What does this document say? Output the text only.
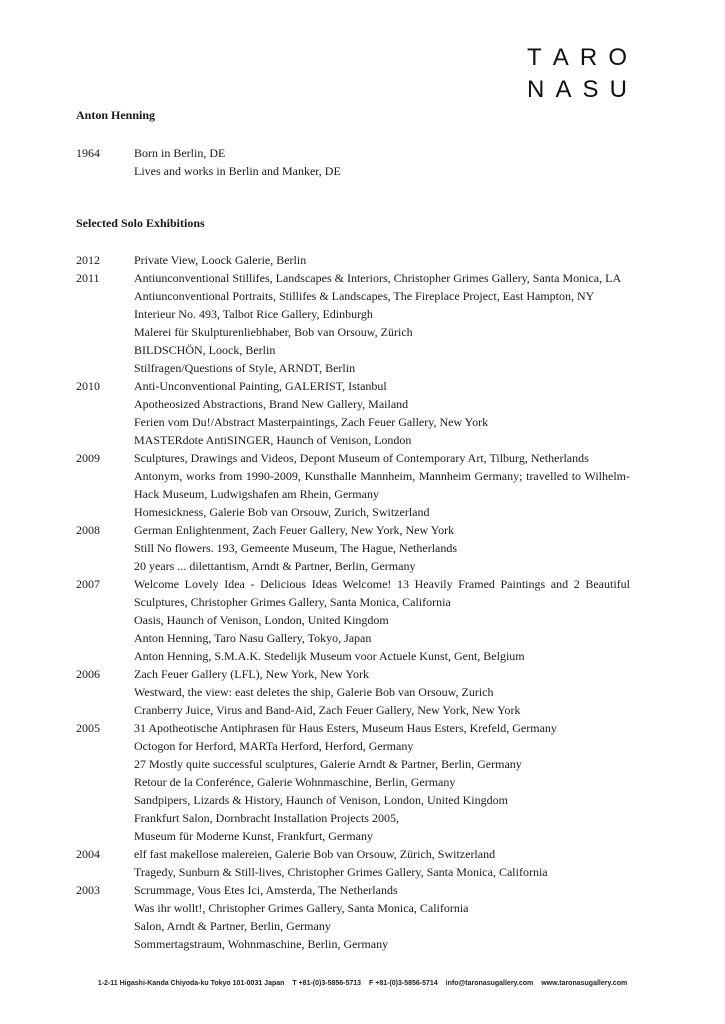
T A R O
N A S U
Anton Henning
1964	Born in Berlin, DE
Lives and works in Berlin and Manker, DE
Selected Solo Exhibitions
2012	Private View, Loock Galerie, Berlin
2011	Antiunconventional Stillifes, Landscapes & Interiors, Christopher Grimes Gallery, Santa Monica, LA
Antiunconventional Portraits, Stillifes & Landscapes, The Fireplace Project, East Hampton, NY
Interieur No. 493, Talbot Rice Gallery, Edinburgh
Malerei für Skulpturenliebhaber, Bob van Orsouw, Zürich
BILDSCHÖN, Loock, Berlin
Stilfragen/Questions of Style, ARNDT, Berlin
2010	Anti-Unconventional Painting, GALERIST, Istanbul
Apotheosized Abstractions, Brand New Gallery, Mailand
Ferien vom Du!/Abstract Masterpaintings, Zach Feuer Gallery, New York
MASTERdote AntiSINGER, Haunch of Venison, London
2009	Sculptures, Drawings and Videos, Depont Museum of Contemporary Art, Tilburg, Netherlands
Antonym, works from 1990-2009, Kunsthalle Mannheim, Mannheim Germany; travelled to Wilhelm-Hack Museum, Ludwigshafen am Rhein, Germany
Homesickness, Galerie Bob van Orsouw, Zurich, Switzerland
2008	German Enlightenment, Zach Feuer Gallery, New York, New York
Still No flowers. 193, Gemeente Museum, The Hague, Netherlands
20 years ... dilettantism, Arndt & Partner, Berlin, Germany
2007	Welcome Lovely Idea - Delicious Ideas Welcome! 13 Heavily Framed Paintings and 2 Beautiful Sculptures, Christopher Grimes Gallery, Santa Monica, California
Oasis, Haunch of Venison, London, United Kingdom
Anton Henning, Taro Nasu Gallery, Tokyo, Japan
Anton Henning, S.M.A.K. Stedelijk Museum voor Actuele Kunst, Gent, Belgium
2006	Zach Feuer Gallery (LFL), New York, New York
Westward, the view: east deletes the ship, Galerie Bob van Orsouw, Zurich
Cranberry Juice, Virus and Band-Aid, Zach Feuer Gallery, New York, New York
2005	31 Apotheotische Antiphrasen für Haus Esters, Museum Haus Esters, Krefeld, Germany
Octogon for Herford, MARTa Herford, Herford, Germany
27 Mostly quite successful sculptures, Galerie Arndt & Partner, Berlin, Germany
Retour de la Conferénce, Galerie Wohnmaschine, Berlin, Germany
Sandpipers, Lizards & History, Haunch of Venison, London, United Kingdom
Frankfurt Salon, Dornbracht Installation Projects 2005,
Museum für Moderne Kunst, Frankfurt, Germany
2004	elf fast makellose malereien, Galerie Bob van Orsouw, Zürich, Switzerland
Tragedy, Sunburn & Still-lives, Christopher Grimes Gallery, Santa Monica, California
2003	Scrummage, Vous Etes Ici, Amsterda, The Netherlands
Was ihr wollt!, Christopher Grimes Gallery, Santa Monica, California
Salon, Arndt & Partner, Berlin, Germany
Sommertagstraum, Wohnmaschine, Berlin, Germany
1-2-11 Higashi-Kanda Chiyoda-ku Tokyo 101-0031 Japan T +81-(0)3-5856-5713 F +81-(0)3-5856-5714 info@taronasugallery.com www.taronasugallery.com
